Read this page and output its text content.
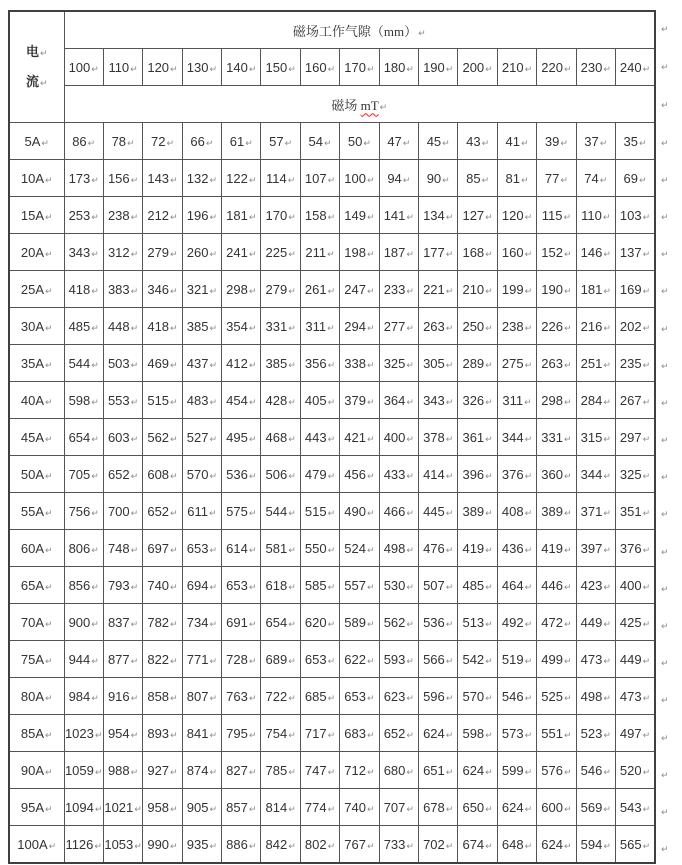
电↵
流↵	磁场工作气隙（mm）↵														
	100↵	110↵	120↵	130↵	140↵	150↵	160↵	170↵	180↵	190↵	200↵	210↵	220↵	230↵	240↵
	磁场 mT↵														
5A↵	86↵	78↵	72↵	66↵	61↵	57↵	54↵	50↵	47↵	45↵	43↵	41↵	39↵	37↵	35↵
10A↵	173↵	156↵	143↵	132↵	122↵	114↵	107↵	100↵	94↵	90↵	85↵	81↵	77↵	74↵	69↵
15A↵	253↵	238↵	212↵	196↵	181↵	170↵	158↵	149↵	141↵	134↵	127↵	120↵	115↵	110↵	103↵
20A↵	343↵	312↵	279↵	260↵	241↵	225↵	211↵	198↵	187↵	177↵	168↵	160↵	152↵	146↵	137↵
25A↵	418↵	383↵	346↵	321↵	298↵	279↵	261↵	247↵	233↵	221↵	210↵	199↵	190↵	181↵	169↵
30A↵	485↵	448↵	418↵	385↵	354↵	331↵	311↵	294↵	277↵	263↵	250↵	238↵	226↵	216↵	202↵
35A↵	544↵	503↵	469↵	437↵	412↵	385↵	356↵	338↵	325↵	305↵	289↵	275↵	263↵	251↵	235↵
40A↵	598↵	553↵	515↵	483↵	454↵	428↵	405↵	379↵	364↵	343↵	326↵	311↵	298↵	284↵	267↵
45A↵	654↵	603↵	562↵	527↵	495↵	468↵	443↵	421↵	400↵	378↵	361↵	344↵	331↵	315↵	297↵
50A↵	705↵	652↵	608↵	570↵	536↵	506↵	479↵	456↵	433↵	414↵	396↵	376↵	360↵	344↵	325↵
55A↵	756↵	700↵	652↵	611↵	575↵	544↵	515↵	490↵	466↵	445↵	389↵	408↵	389↵	371↵	351↵
60A↵	806↵	748↵	697↵	653↵	614↵	581↵	550↵	524↵	498↵	476↵	419↵	436↵	419↵	397↵	376↵
65A↵	856↵	793↵	740↵	694↵	653↵	618↵	585↵	557↵	530↵	507↵	485↵	464↵	446↵	423↵	400↵
70A↵	900↵	837↵	782↵	734↵	691↵	654↵	620↵	589↵	562↵	536↵	513↵	492↵	472↵	449↵	425↵
75A↵	944↵	877↵	822↵	771↵	728↵	689↵	653↵	622↵	593↵	566↵	542↵	519↵	499↵	473↵	449↵
80A↵	984↵	916↵	858↵	807↵	763↵	722↵	685↵	653↵	623↵	596↵	570↵	546↵	525↵	498↵	473↵
85A↵	1023↵	954↵	893↵	841↵	795↵	754↵	717↵	683↵	652↵	624↵	598↵	573↵	551↵	523↵	497↵
90A↵	1059↵	988↵	927↵	874↵	827↵	785↵	747↵	712↵	680↵	651↵	624↵	599↵	576↵	546↵	520↵
95A↵	1094↵	1021↵	958↵	905↵	857↵	814↵	774↵	740↵	707↵	678↵	650↵	624↵	600↵	569↵	543↵
100A↵	1126↵	1053↵	990↵	935↵	886↵	842↵	802↵	767↵	733↵	702↵	674↵	648↵	624↵	594↵	565↵
↵
↵
↵
↵
↵
↵
↵
↵
↵
↵
↵
↵
↵
↵
↵
↵
↵
↵
↵
↵
↵
↵
↵
